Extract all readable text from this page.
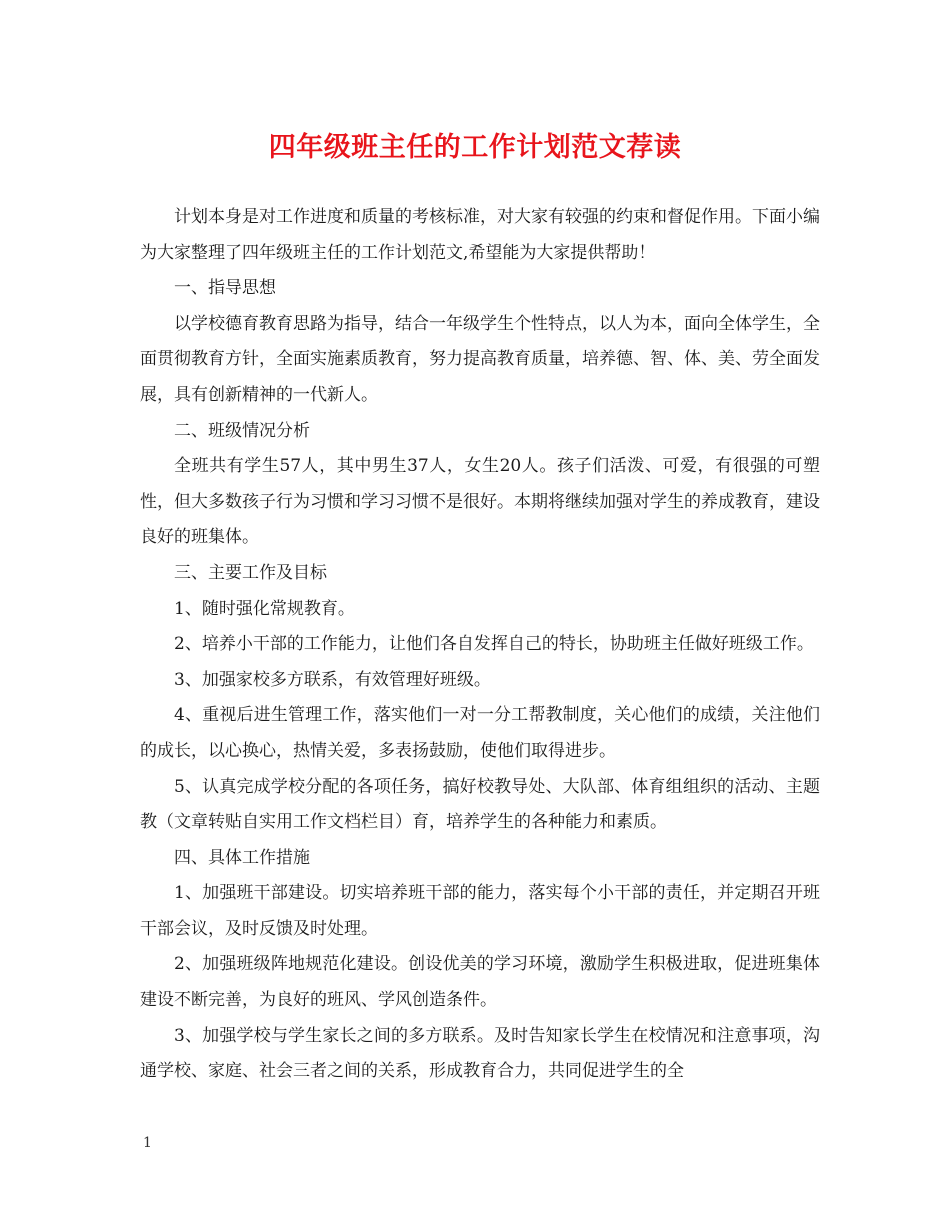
四年级班主任的工作计划范文荐读

计划本身是对工作进度和质量的考核标准，对大家有较强的约束和督促作用。下面小编为大家整理了四年级班主任的工作计划范文,希望能为大家提供帮助！

一、指导思想

以学校德育教育思路为指导，结合一年级学生个性特点，以人为本，面向全体学生，全面贯彻教育方针，全面实施素质教育，努力提高教育质量，培养德、智、体、美、劳全面发展，具有创新精神的一代新人。

二、班级情况分析

全班共有学生57人，其中男生37人，女生20人。孩子们活泼、可爱，有很强的可塑性，但大多数孩子行为习惯和学习习惯不是很好。本期将继续加强对学生的养成教育，建设良好的班集体。

三、主要工作及目标

1、随时强化常规教育。

2、培养小干部的工作能力，让他们各自发挥自己的特长，协助班主任做好班级工作。

3、加强家校多方联系，有效管理好班级。

4、重视后进生管理工作，落实他们一对一分工帮教制度，关心他们的成绩，关注他们的成长，以心换心，热情关爱，多表扬鼓励，使他们取得进步。

5、认真完成学校分配的各项任务，搞好校教导处、大队部、体育组组织的活动、主题教（文章转贴自实用工作文档栏目）育，培养学生的各种能力和素质。

四、具体工作措施

1、加强班干部建设。切实培养班干部的能力，落实每个小干部的责任，并定期召开班干部会议，及时反馈及时处理。

2、加强班级阵地规范化建设。创设优美的学习环境，激励学生积极进取，促进班集体建设不断完善，为良好的班风、学风创造条件。

3、加强学校与学生家长之间的多方联系。及时告知家长学生在校情况和注意事项，沟通学校、家庭、社会三者之间的关系，形成教育合力，共同促进学生的全

1
